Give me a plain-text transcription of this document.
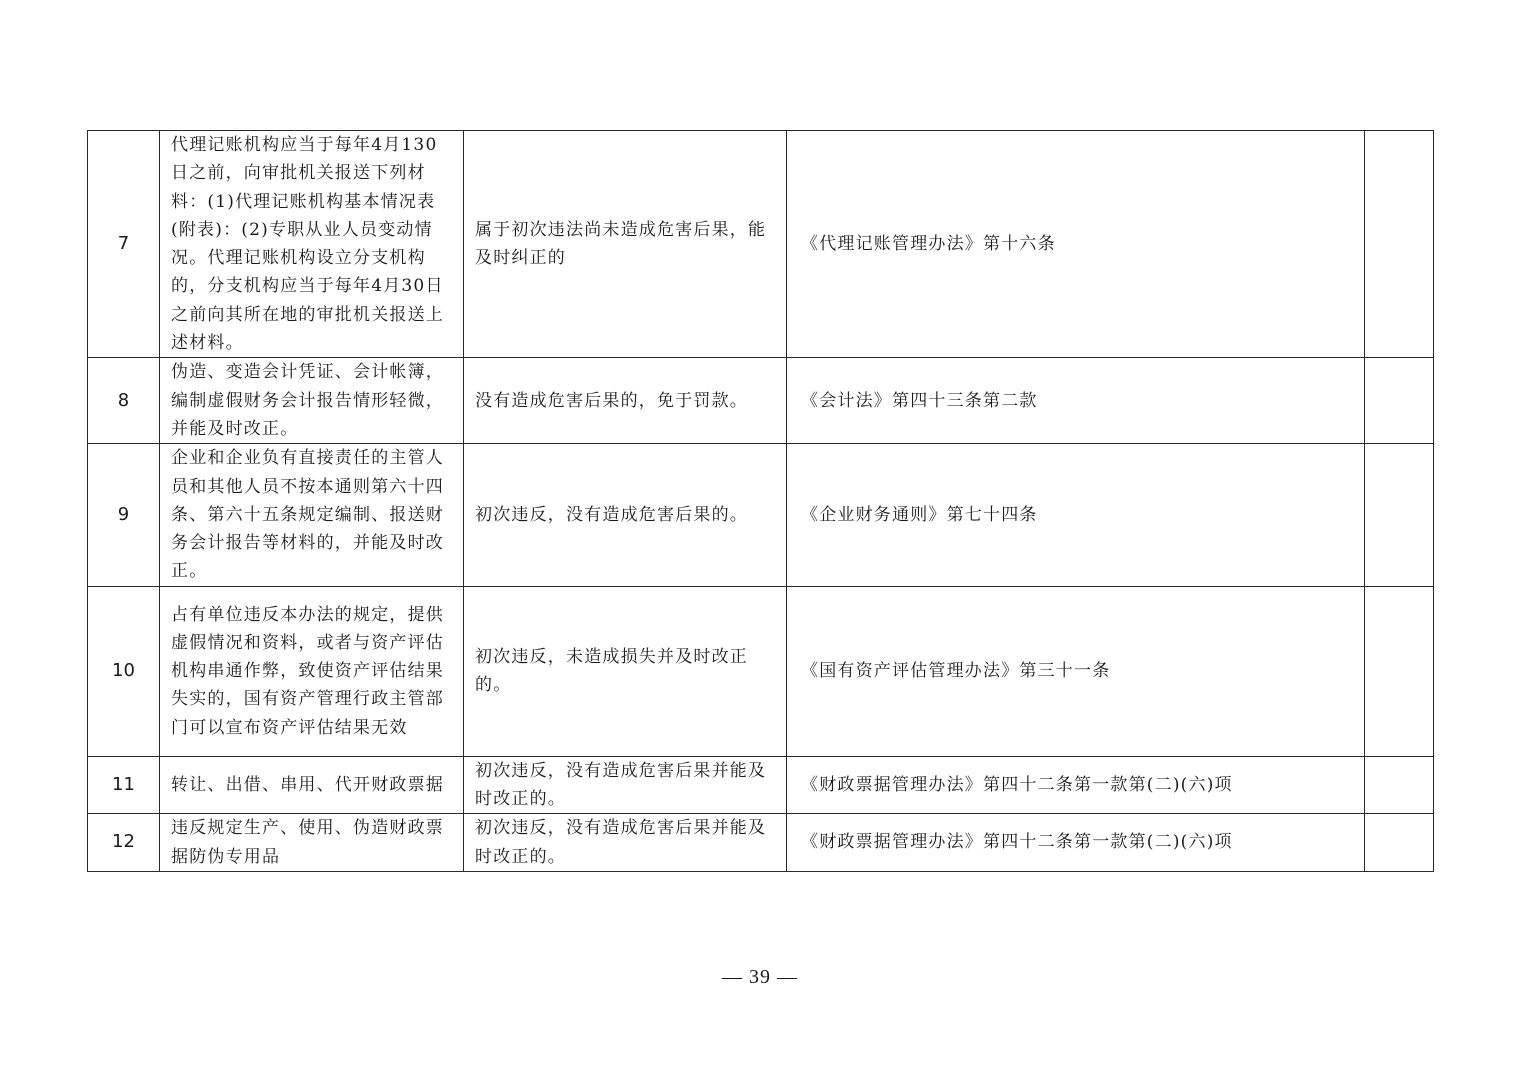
7	代理记账机构应当于每年4月130日之前，向审批机关报送下列材料：(1)代理记账机构基本情况表(附表)：(2)专职从业人员变动情况。代理记账机构设立分支机构的，分支机构应当于每年4月30日之前向其所在地的审批机关报送上述材料。	属于初次违法尚未造成危害后果，能及时纠正的	《代理记账管理办法》第十六条	
8	伪造、变造会计凭证、会计帐簿，编制虚假财务会计报告情形轻微，并能及时改正。	没有造成危害后果的，免于罚款。	《会计法》第四十三条第二款	
9	企业和企业负有直接责任的主管人员和其他人员不按本通则第六十四条、第六十五条规定编制、报送财务会计报告等材料的，并能及时改正。	初次违反，没有造成危害后果的。	《企业财务通则》第七十四条	
10	占有单位违反本办法的规定，提供虚假情况和资料，或者与资产评估机构串通作弊，致使资产评估结果失实的，国有资产管理行政主管部门可以宣布资产评估结果无效	初次违反，未造成损失并及时改正的。	《国有资产评估管理办法》第三十一条	
11	转让、出借、串用、代开财政票据	初次违反，没有造成危害后果并能及时改正的。	《财政票据管理办法》第四十二条第一款第(二)(六)项	
12	违反规定生产、使用、伪造财政票据防伪专用品	初次违反，没有造成危害后果并能及时改正的。	《财政票据管理办法》第四十二条第一款第(二)(六)项	
— 39 —
